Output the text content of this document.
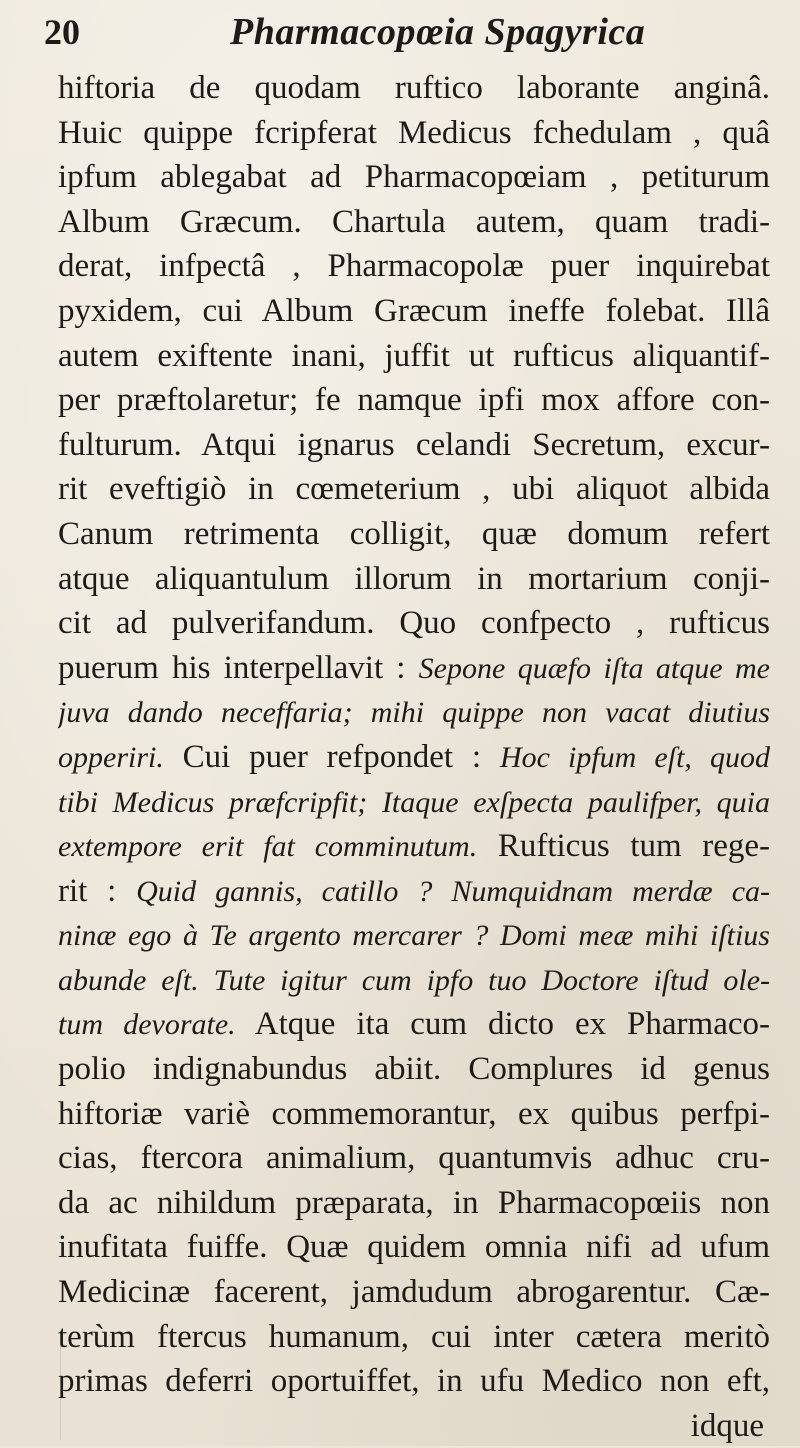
20	Pharmacopœia Spagyrica
hiftoria de quodam ruftico laborante anginâ.
Huic quippe fcripferat Medicus fchedulam , quâ
ipfum ablegabat ad Pharmacopœiam , petiturum
Album Græcum. Chartula autem, quam tradi-
derat, infpectâ , Pharmacopolæ puer inquirebat
pyxidem, cui Album Græcum ineffe folebat. Illâ
autem exiftente inani, juffit ut rufticus aliquantif-
per præftolaretur; fe namque ipfi mox affore con-
fulturum. Atqui ignarus celandi Secretum, excur-
rit eveftigiò in cœmeterium , ubi aliquot albida
Canum retrimenta colligit, quæ domum refert
atque aliquantulum illorum in mortarium conji-
cit ad pulverifandum. Quo confpecto , rufticus
puerum his interpellavit : Sepone quæfo iſta atque me
juva dando neceffaria; mihi quippe non vacat diutius
opperiri. Cui puer refpondet : Hoc ipfum eſt, quod
tibi Medicus præfcripfit; Itaque exſpecta paulifper, quia
extempore erit fat comminutum. Rufticus tum rege-
rit : Quid gannis, catillo ? Numquidnam merdæ ca-
ninæ ego à Te argento mercarer ? Domi meæ mihi iſtius
abunde eſt. Tute igitur cum ipfo tuo Doctore iſtud ole-
tum devorate. Atque ita cum dicto ex Pharmaco-
polio indignabundus abiit. Complures id genus
hiftoriæ variè commemorantur, ex quibus perfpi-
cias, ftercora animalium, quantumvis adhuc cru-
da ac nihildum præparata, in Pharmacopœiis non
inufitata fuiffe. Quæ quidem omnia nifi ad ufum
Medicinæ facerent, jamdudum abrogarentur. Cæ-
terùm ftercus humanum, cui inter cætera meritò
primas deferri oportuiffet, in ufu Medico non eft,
idque
